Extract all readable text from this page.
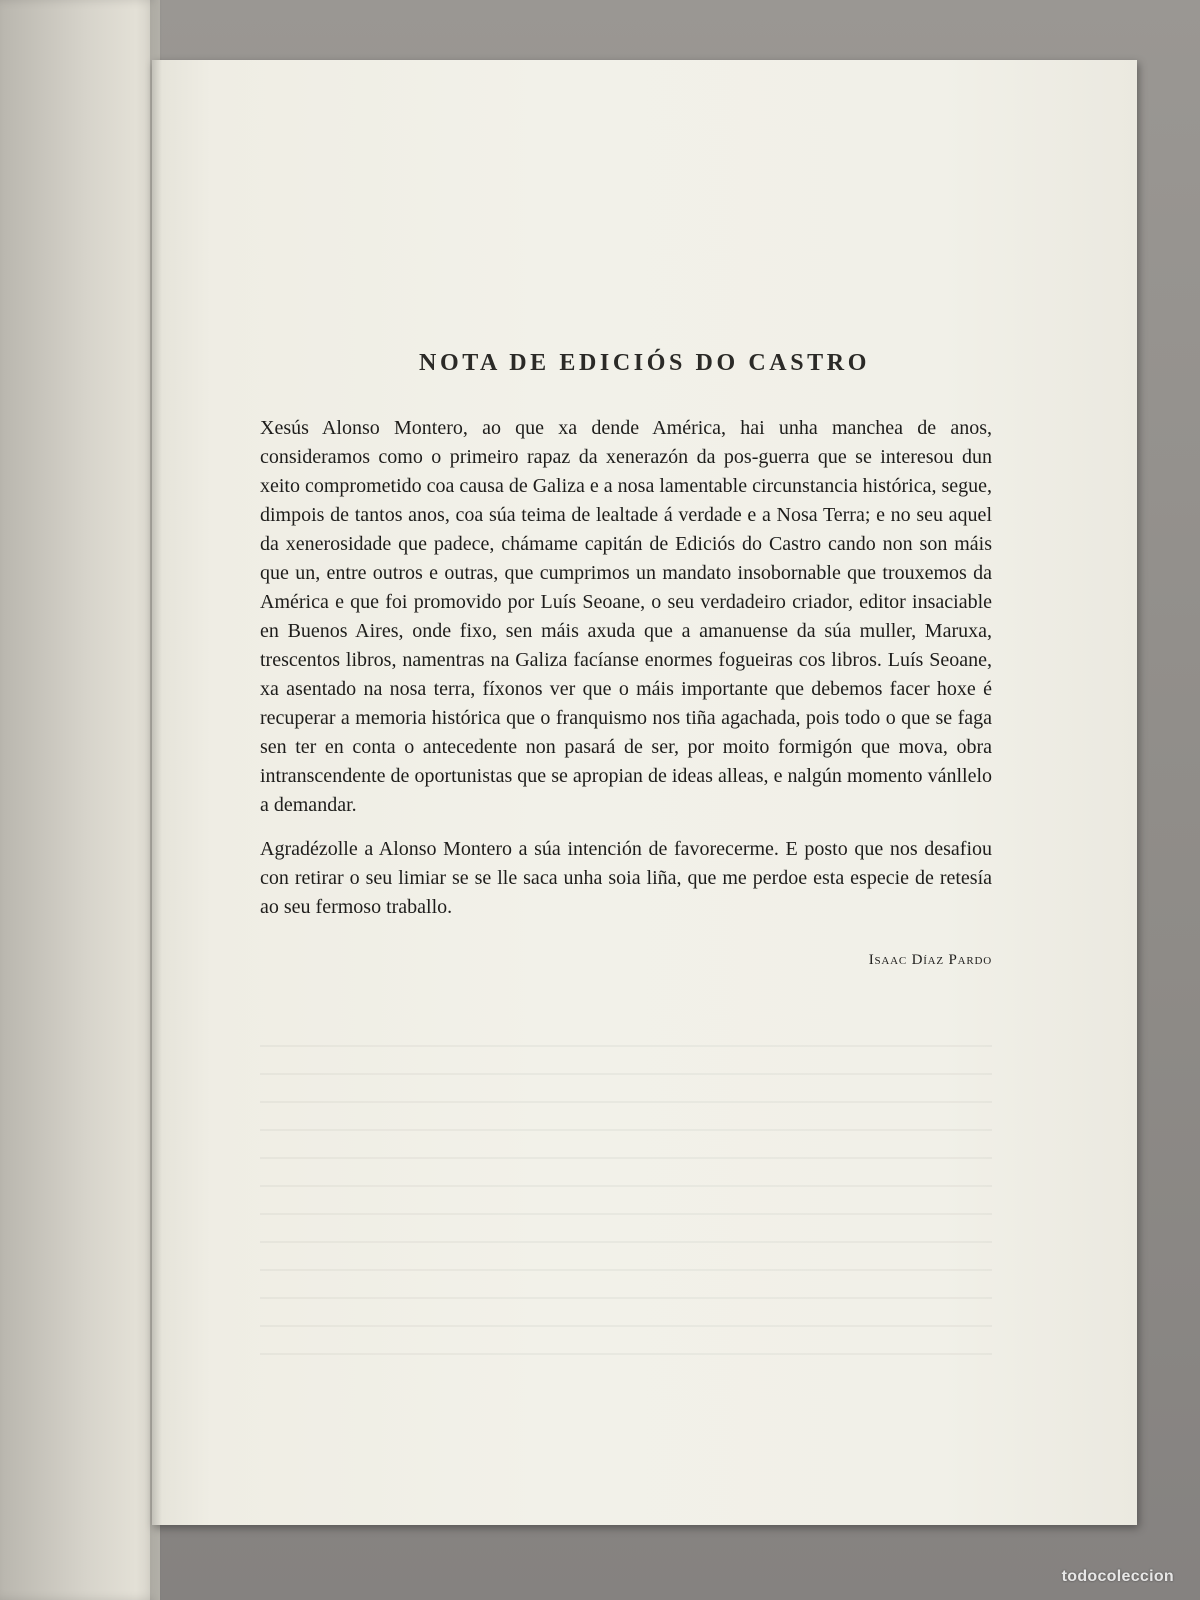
NOTA DE EDICIÓS DO CASTRO

Xesús Alonso Montero, ao que xa dende América, hai unha manchea de anos, consideramos como o primeiro rapaz da xenerazón da pos-guerra que se interesou dun xeito comprometido coa causa de Galiza e a nosa lamentable circunstancia histórica, segue, dimpois de tantos anos, coa súa teima de lealtade á verdade e a Nosa Terra; e no seu aquel da xenerosidade que padece, chámame capitán de Ediciós do Castro cando non son máis que un, entre outros e outras, que cumprimos un mandato insobornable que trouxemos da América e que foi promovido por Luís Seoane, o seu verdadeiro criador, editor insaciable en Buenos Aires, onde fixo, sen máis axuda que a amanuense da súa muller, Maruxa, trescentos libros, namentras na Galiza facíanse enormes fogueiras cos libros. Luís Seoane, xa asentado na nosa terra, fíxonos ver que o máis importante que debemos facer hoxe é recuperar a memoria histórica que o franquismo nos tiña agachada, pois todo o que se faga sen ter en conta o antecedente non pasará de ser, por moito formigón que mova, obra intranscendente de oportunistas que se apropian de ideas alleas, e nalgún momento vánllelo a demandar.

Agradézolle a Alonso Montero a súa intención de favorecerme. E posto que nos desafiou con retirar o seu limiar se se lle saca unha soia liña, que me perdoe esta especie de retesía ao seu fermoso traballo.

Isaac Díaz Pardo
todocoleccion
